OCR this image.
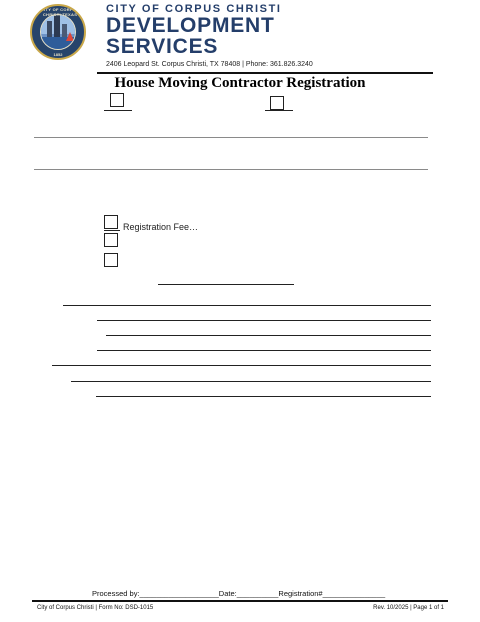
CITY OF CORPUS CHRISTI TEXAS
1852
CITY OF CORPUS CHRISTI
DEVELOPMENT
SERVICES
2406 Leopard St. Corpus Christi, TX 78408 | Phone: 361.826.3240
House Moving Contractor Registration
Registration Fee…
Processed by:___________________Date:__________Registration#_______________
City of Corpus Christi | Form No: DSD-1015	Rev. 10/2025 | Page 1 of 1
